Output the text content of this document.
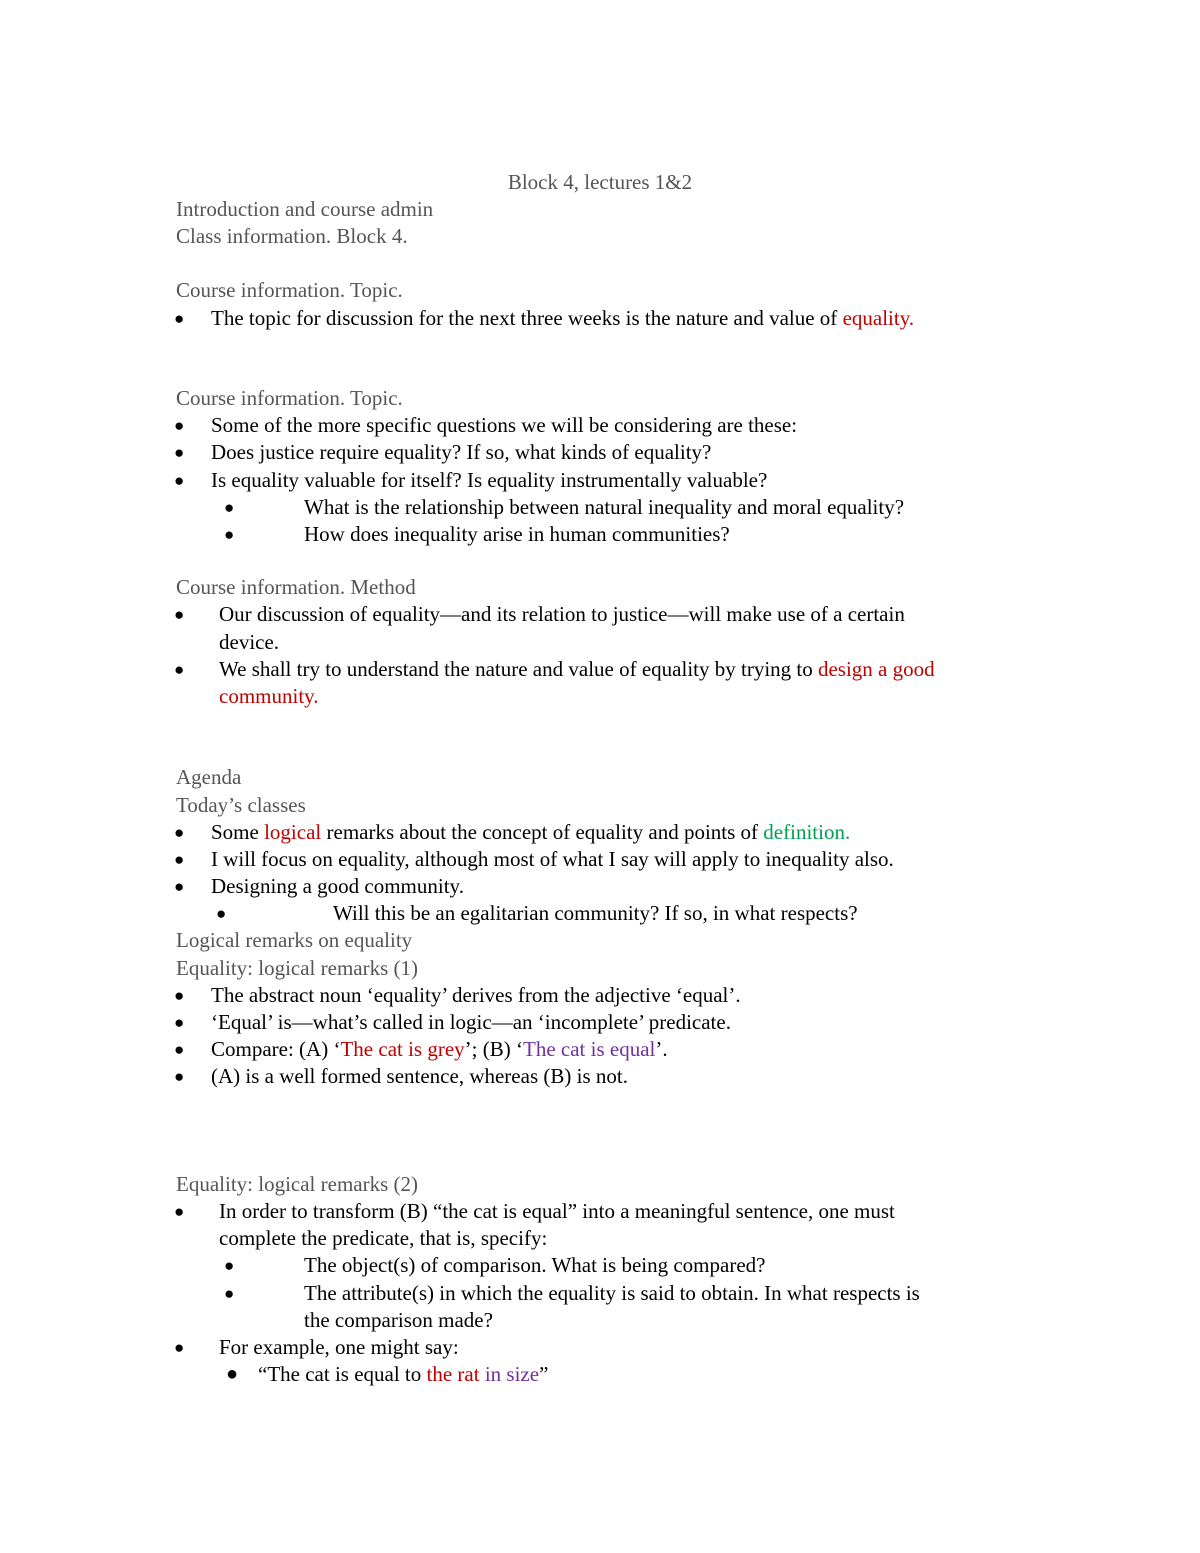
Block 4, lectures 1&2
Introduction and course admin
Class information. Block 4.
Course information. Topic.
● The topic for discussion for the next three weeks is the nature and value of equality.
Course information. Topic.
● Some of the more specific questions we will be considering are these:
● Does justice require equality? If so, what kinds of equality?
● Is equality valuable for itself? Is equality instrumentally valuable?
●	What is the relationship between natural inequality and moral equality?
●	How does inequality arise in human communities?
Course information. Method
● Our discussion of equality—and its relation to justice—will make use of a certain
device.
● We shall try to understand the nature and value of equality by trying to design a good
community.
Agenda
Today’s classes
● Some logical remarks about the concept of equality and points of definition.
● I will focus on equality, although most of what I say will apply to inequality also.
● Designing a good community.
●	Will this be an egalitarian community? If so, in what respects?
Logical remarks on equality
Equality: logical remarks (1)
● The abstract noun ‘equality’ derives from the adjective ‘equal’.
● ‘Equal’ is—what’s called in logic—an ‘incomplete’ predicate.
● Compare: (A) ‘The cat is grey’; (B) ‘The cat is equal’.
● (A) is a well formed sentence, whereas (B) is not.
Equality: logical remarks (2)
● In order to transform (B) “the cat is equal” into a meaningful sentence, one must
complete the predicate, that is, specify:
●	The object(s) of comparison. What is being compared?
●	The attribute(s) in which the equality is said to obtain. In what respects is
the comparison made?
● For example, one might say:
● “The cat is equal to the rat in size”
